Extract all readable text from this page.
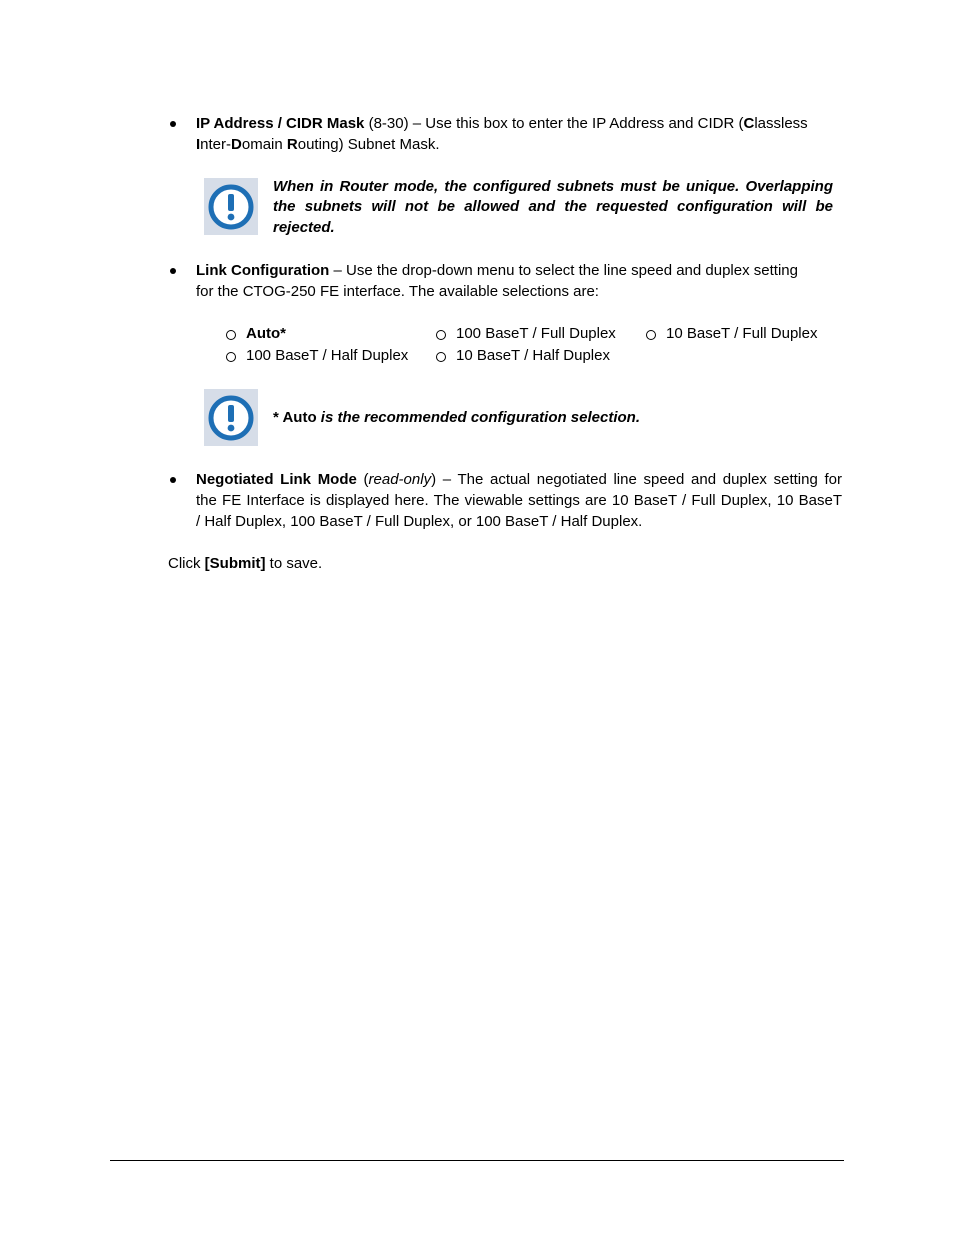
IP Address / CIDR Mask (8-30) – Use this box to enter the IP Address and CIDR (Classless
Inter-Domain Routing) Subnet Mask.
When in Router mode, the configured subnets must be unique. Overlapping
the subnets will not be allowed and the requested configuration will be
rejected.
Link Configuration – Use the drop-down menu to select the line speed and duplex setting
for the CTOG-250 FE interface. The available selections are:
Auto*	100 BaseT / Full Duplex	10 BaseT / Full Duplex
100 BaseT / Half Duplex	10 BaseT / Half Duplex
* Auto is the recommended configuration selection.
Negotiated Link Mode (read-only) – The actual negotiated line speed and duplex setting for
the FE Interface is displayed here. The viewable settings are 10 BaseT / Full Duplex, 10 BaseT
/ Half Duplex, 100 BaseT / Full Duplex, or 100 BaseT / Half Duplex.
Click [Submit] to save.
